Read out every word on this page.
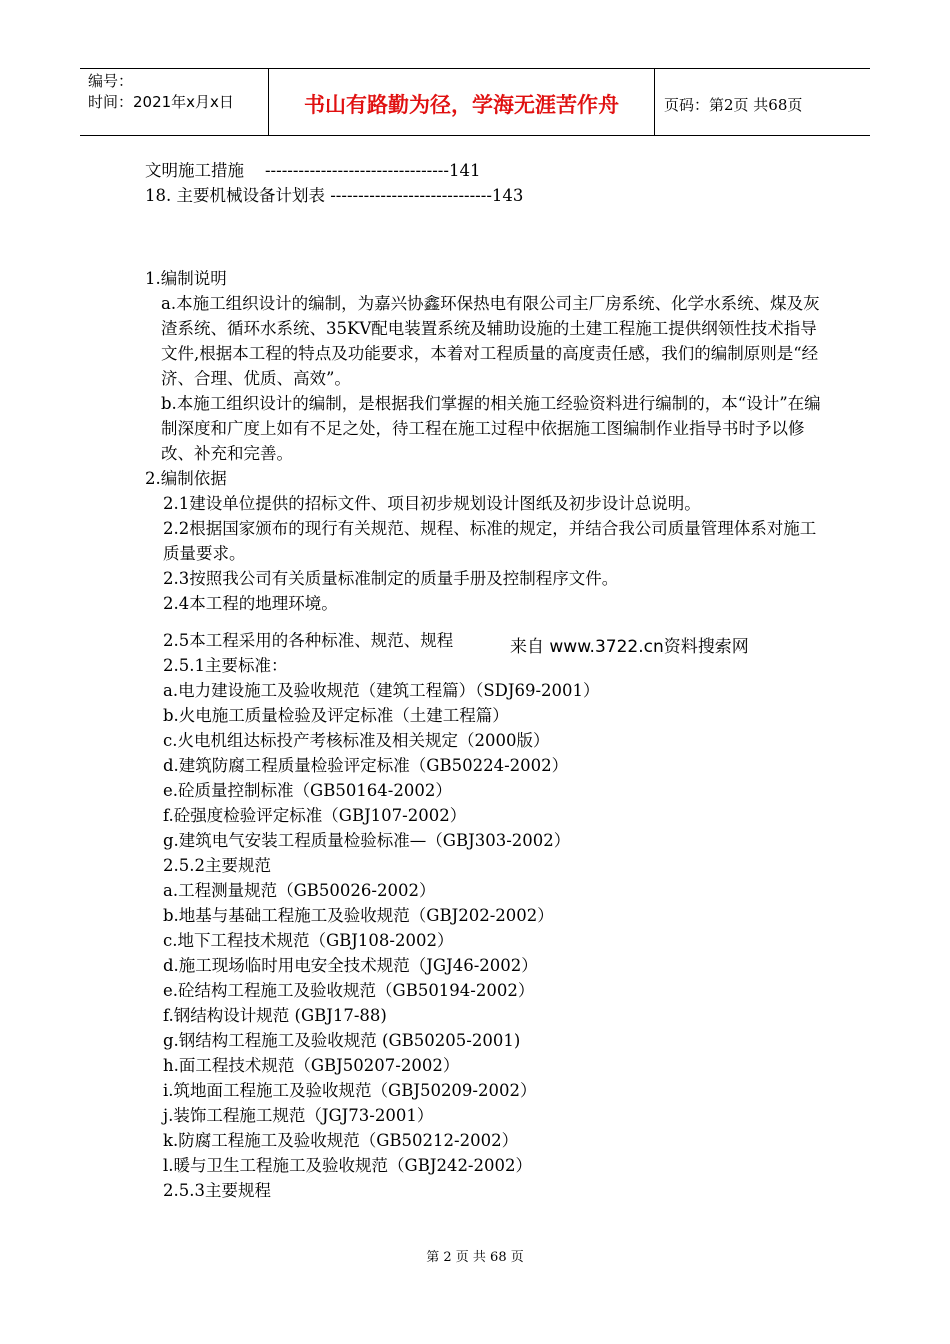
编号：
时间：2021年x月x日	书山有路勤为径，学海无涯苦作舟	页码：第2页 共68页
文明施工措施    ---------------------------------141
18. 主要机械设备计划表 -----------------------------143
1.编制说明
a.本施工组织设计的编制，为嘉兴协鑫环保热电有限公司主厂房系统、化学水系统、煤及灰渣系统、循环水系统、35KV配电装置系统及辅助设施的土建工程施工提供纲领性技术指导文件,根据本工程的特点及功能要求，本着对工程质量的高度责任感，我们的编制原则是“经济、合理、优质、高效”。
b.本施工组织设计的编制，是根据我们掌握的相关施工经验资料进行编制的，本“设计”在编制深度和广度上如有不足之处，待工程在施工过程中依据施工图编制作业指导书时予以修改、补充和完善。
2.编制依据
2.1建设单位提供的招标文件、项目初步规划设计图纸及初步设计总说明。
2.2根据国家颁布的现行有关规范、规程、标准的规定，并结合我公司质量管理体系对施工质量要求。
2.3按照我公司有关质量标准制定的质量手册及控制程序文件。
2.4本工程的地理环境。
2.5本工程采用的各种标准、规范、规程
2.5.1主要标准：
a.电力建设施工及验收规范（建筑工程篇）（SDJ69-2001）
b.火电施工质量检验及评定标准（土建工程篇）
c.火电机组达标投产考核标准及相关规定（2000版）
d.建筑防腐工程质量检验评定标准（GB50224-2002）
e.砼质量控制标准（GB50164-2002）
f.砼强度检验评定标准（GBJ107-2002）
g.建筑电气安装工程质量检验标准—（GBJ303-2002）
2.5.2主要规范
a.工程测量规范（GB50026-2002）
b.地基与基础工程施工及验收规范（GBJ202-2002）
c.地下工程技术规范（GBJ108-2002）
d.施工现场临时用电安全技术规范（JGJ46-2002）
e.砼结构工程施工及验收规范（GB50194-2002）
f.钢结构设计规范 (GBJ17-88)
g.钢结构工程施工及验收规范 (GB50205-2001)
h.面工程技术规范（GBJ50207-2002）
i.筑地面工程施工及验收规范（GBJ50209-2002）
j.装饰工程施工规范（JGJ73-2001）
k.防腐工程施工及验收规范（GB50212-2002）
l.暖与卫生工程施工及验收规范（GBJ242-2002）
2.5.3主要规程
来自 www.3722.cn资料搜索网
第 2 页 共 68 页
